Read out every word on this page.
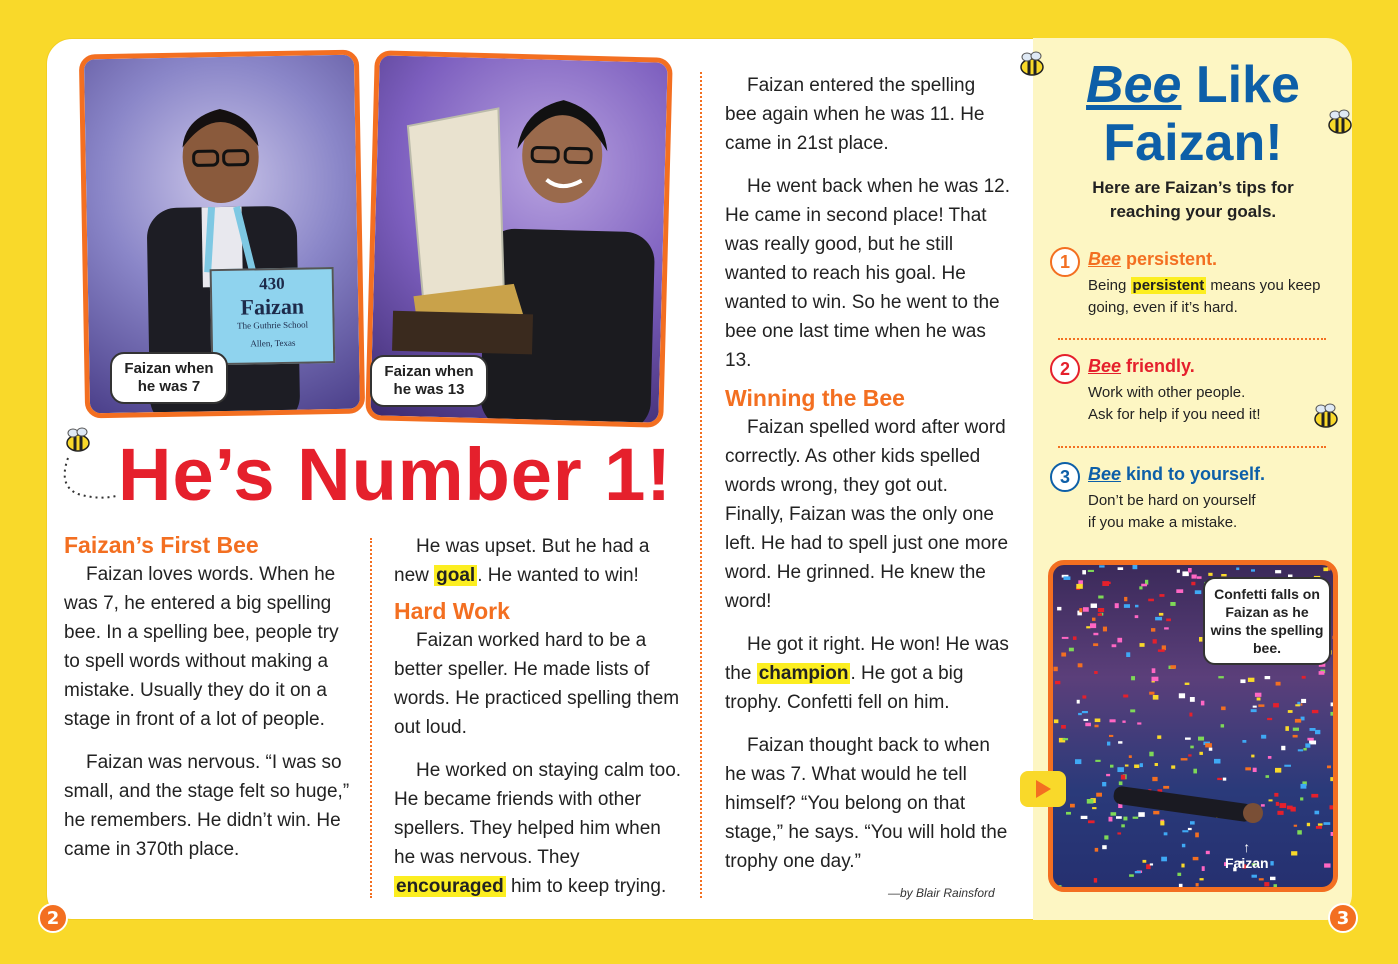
2	3
430
Faizan
The Guthrie School
Allen, Texas
Faizan when he was 7
Faizan when he was 13
He’s Number 1!
Faizan’s First Bee

Faizan loves words. When he was 7, he entered a big spelling bee. In a spelling bee, people try to spell words without making a mistake. Usually they do it on a stage in front of a lot of people.

Faizan was nervous. “I was so small, and the stage felt so huge,” he remembers. He didn’t win. He came in 370th place.

He was upset. But he had a new goal . He wanted to win!

Hard Work

Faizan worked hard to be a better speller. He made lists of words. He practiced spelling them out loud.

He worked on staying calm too. He became friends with other spellers. They helped him when he was nervous. They encouraged him to keep trying.

Faizan entered the spelling bee again when he was 11. He came in 21st place.

He went back when he was 12. He came in second place! That was really good, but he still wanted to reach his goal. He wanted to win. So he went to the bee one last time when he was 13.

Winning the Bee

Faizan spelled word after word correctly. As other kids spelled words wrong, they got out. Finally, Faizan was the only one left. He had to spell just one more word. He grinned. He knew the word!

He got it right. He won! He was the champion . He got a big trophy. Confetti fell on him.

Faizan thought back to when he was 7. What would he tell himself? “You belong on that stage,” he says. “You will hold the trophy one day.”

—by Blair Rainsford
Bee Like
Faizan!
Here are Faizan’s tips for reaching your goals.
1	Bee persistent.
Being persistent means you keep going, even if it’s hard.
2	Bee friendly.
Work with other people.
Ask for help if you need it!
3	Bee kind to yourself.
Don’t be hard on yourself
if you make a mistake.
Confetti falls on Faizan as he wins the spelling bee.
↑
Faizan
